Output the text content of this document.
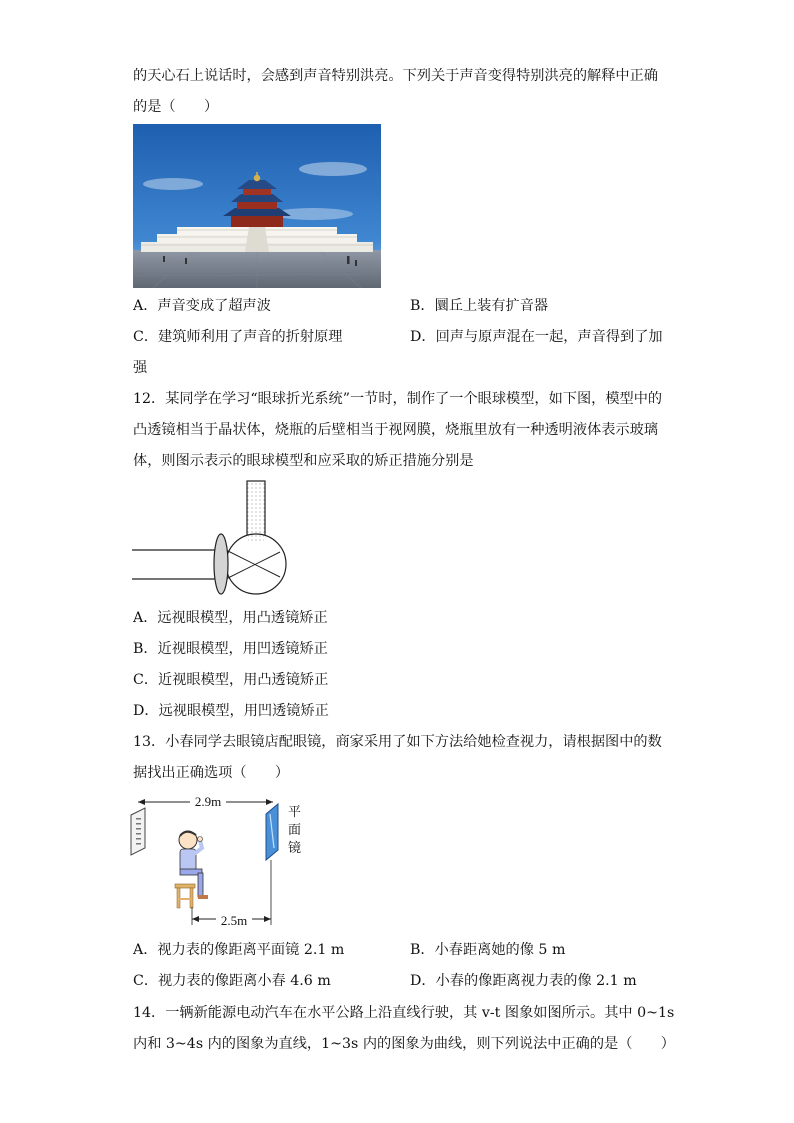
的天心石上说话时，会感到声音特别洪亮。下列关于声音变得特别洪亮的解释中正确
的是（　　）
A．声音变成了超声波	B．圜丘上装有扩音器
C．建筑师利用了声音的折射原理	D．回声与原声混在一起，声音得到了加
强
12．某同学在学习“眼球折光系统”一节时，制作了一个眼球模型，如下图，模型中的
凸透镜相当于晶状体，烧瓶的后壁相当于视网膜，烧瓶里放有一种透明液体表示玻璃
体，则图示表示的眼球模型和应采取的矫正措施分别是
A．远视眼模型，用凸透镜矫正
B．近视眼模型，用凹透镜矫正
C．近视眼模型，用凸透镜矫正
D．远视眼模型，用凹透镜矫正
13．小春同学去眼镜店配眼镜，商家采用了如下方法给她检查视力，请根据图中的数
据找出正确选项（　　）
2.9m
平
面
镜
2.5m
A．视力表的像距离平面镜 2.1 m	B．小春距离她的像 5 m
C．视力表的像距离小春 4.6 m	D．小春的像距离视力表的像 2.1 m
14．一辆新能源电动汽车在水平公路上沿直线行驶，其 v-t 图象如图所示。其中 0~1s
内和 3~4s 内的图象为直线，1~3s 内的图象为曲线，则下列说法中正确的是（　　）
